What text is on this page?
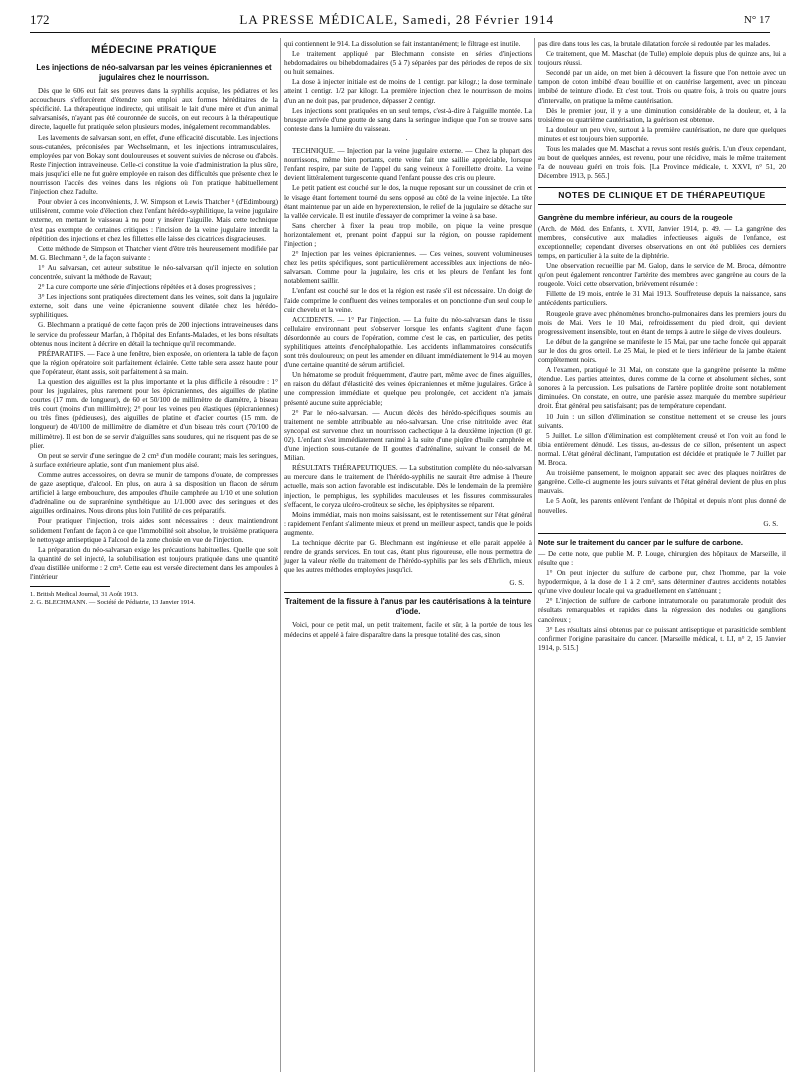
172	LA PRESSE MÉDICALE, Samedi, 28 Février 1914	N° 17
MÉDECINE PRATIQUE
Les injections de néo-salvarsan par les veines épicraniennes et jugulaires chez le nourrisson.

Dès que le 606 eut fait ses preuves dans la syphilis acquise, les pédiatres et les accoucheurs s'efforcèrent d'étendre son emploi aux formes héréditaires de la spécificité. La thérapeutique indirecte, qui utilisait le lait d'une mère et d'un animal salvarsanisés, n'ayant pas été couronnée de succès, on eut recours à la thérapeutique directe, laquelle fut pratiquée selon plusieurs modes, inégalement recommandables.

Les lavements de salvarsan sont, en effet, d'une efficacité discutable. Les injections sous-cutanées, préconisées par Wechselmann, et les injections intramusculaires, employées par von Bokay sont douloureuses et souvent suivies de nécrose ou d'abcès. Reste l'injection intraveineuse. Celle-ci constitue la voie d'administration la plus sûre, mais jusqu'ici elle ne fut guère employée en raison des difficultés que présente chez le nourrisson l'accès des veines dans les régions où l'on pratique habituellement l'injection chez l'adulte.

Pour obvier à ces inconvénients, J. W. Simpson et Lewis Thatcher ¹ (d'Edimbourg) utilisèrent, comme voie d'élection chez l'enfant hérédo-syphilitique, la veine jugulaire externe, en mettant le vaisseau à nu pour y insérer l'aiguille. Mais cette technique n'est pas exempte de certaines critiques : l'incision de la veine jugulaire interdit la répétition des injections et chez les fillettes elle laisse des cicatrices disgracieuses.

Cette méthode de Simpson et Thatcher vient d'être très heureusement modifiée par M. G. Blechmann ², de la façon suivante :

1° Au salvarsan, cet auteur substitue le néo-salvarsan qu'il injecte en solution concentrée, suivant la méthode de Ravaut;

2° La cure comporte une série d'injections répétées et à doses progressives ;

3° Les injections sont pratiquées directement dans les veines, soit dans la jugulaire externe, soit dans une veine épicranienne souvent dilatée chez les hérédo-syphilitiques.

G. Blechmann a pratiqué de cette façon près de 200 injections intraveineuses dans le service du professeur Marfan, à l'hôpital des Enfants-Malades, et les bons résultats obtenus nous incitent à décrire en détail la technique qu'il recommande.

PRÉPARATIFS. — Face à une fenêtre, bien exposée, on orientera la table de façon que la région opératoire soit parfaitement éclairée. Cette table sera assez haute pour que l'opérateur, étant assis, soit parfaitement à sa main.

La question des aiguilles est la plus importante et la plus difficile à résoudre : 1° pour les jugulaires, plus rarement pour les épicraniennes, des aiguilles de platine courtes (17 mm. de longueur), de 60 et 50/100 de millimètre de diamètre, à biseau très court (moins d'un millimètre); 2° pour les veines peu élastiques (épicraniennes) ou très fines (pédieuses), des aiguilles de platine et d'acier courtes (15 mm. de longueur) de 40/100 de millimètre de diamètre et d'un biseau très court (70/100 de millimètre). Il est bon de se servir d'aiguilles sans soudures, qui ne risquent pas de se plier.

On peut se servir d'une seringue de 2 cm³ d'un modèle courant; mais les seringues, à surface extérieure aplatie, sont d'un maniement plus aisé.

Comme autres accessoires, on devra se munir de tampons d'ouate, de compresses de gaze aseptique, d'alcool. En plus, on aura à sa disposition un flacon de sérum artificiel à large embouchure, des ampoules d'huile camphrée au 1/10 et une solution d'adrénaline ou de suprarénine synthétique au 1/1.000 avec des seringues et des aiguilles ordinaires. Nous dirons plus loin l'utilité de ces préparatifs.

Pour pratiquer l'injection, trois aides sont nécessaires : deux maintiendront solidement l'enfant de façon à ce que l'immobilité soit absolue, le troisième pratiquera le nettoyage antiseptique à l'alcool de la zone choisie en vue de l'injection.

La préparation du néo-salvarsan exige les précautions habituelles. Quelle que soit la quantité de sel injecté, la solubilisation est toujours pratiquée dans une quantité d'eau distillée uniforme : 2 cm³. Cette eau est versée directement dans les ampoules à l'intérieur

1. British Medical Journal, 31 Août 1913.
2. G. BLECHMANN. — Société de Pédiatrie, 13 Janvier 1914.

qui contiennent le 914. La dissolution se fait instantanément; le filtrage est inutile.

Le traitement appliqué par Blechmann consiste en séries d'injections hebdomadaires ou bihebdomadaires (5 à 7) séparées par des périodes de repos de six ou huit semaines.

La dose à injecter initiale est de moins de 1 centigr. par kilogr.; la dose terminale atteint 1 centigr. 1/2 par kilogr. La première injection chez le nourrisson de moins d'un an ne doit pas, par prudence, dépasser 2 centigr.

Les injections sont pratiquées en un seul temps, c'est-à-dire à l'aiguille montée. La brusque arrivée d'une goutte de sang dans la seringue indique que l'on se trouve sans conteste dans la lumière du vaisseau.

·

TECHNIQUE. — Injection par la veine jugulaire externe. — Chez la plupart des nourrissons, même bien portants, cette veine fait une saillie appréciable, lorsque l'enfant respire, par suite de l'appel du sang veineux à l'oreillette droite. La veine devient littéralement turgescente quand l'enfant pousse des cris ou pleure.

Le petit patient est couché sur le dos, la nuque reposant sur un coussinet de crin et le visage étant fortement tourné du sens opposé au côté de la veine injectée. La tête étant maintenue par un aide en hyperextension, le relief de la jugulaire se détache sur la vallée cervicale. Il est inutile d'essayer de comprimer la veine à sa base.

Sans chercher à fixer la peau trop mobile, on pique la veine presque horizontalement et, prenant point d'appui sur la région, on pousse rapidement l'injection ;

2° Injection par les veines épicraniennes. — Ces veines, souvent volumineuses chez les petits spécifiques, sont particulièrement accessibles aux injections de néo-salvarsan. Comme pour la jugulaire, les cris et les pleurs de l'enfant les font notablement saillir.

L'enfant est couché sur le dos et la région est rasée s'il est nécessaire. Un doigt de l'aide comprime le confluent des veines temporales et on ponctionne d'un seul coup le cuir chevelu et la veine.

ACCIDENTS. — 1° Par l'injection. — La fuite du néo-salvarsan dans le tissu cellulaire environnant peut s'observer lorsque les enfants s'agitent d'une façon désordonnée au cours de l'opération, comme c'est le cas, en particulier, des petits syphilitiques atteints d'encéphalopathie. Les accidents inflammatoires consécutifs sont très douloureux; on peut les amender en diluant immédiatement le 914 au moyen d'une certaine quantité de sérum artificiel.

Un hématome se produit fréquemment, d'autre part, même avec de fines aiguilles, en raison du défaut d'élasticité des veines épicraniennes et même jugulaires. Grâce à une compression immédiate et quelque peu prolongée, cet accident n'a jamais présenté aucune suite appréciable;

2° Par le néo-salvarsan. — Aucun décès des hérédo-spécifiques soumis au traitement ne semble attribuable au néo-salvarsan. Une crise nitritoïde avec état syncopal est survenue chez un nourrisson cachectique à la deuxième injection (0 gr. 02). L'enfant s'est immédiatement ranimé à la suite d'une piqûre d'huile camphrée et d'une injection sous-cutanée de II gouttes d'adrénaline, suivant le conseil de M. Milian.

RÉSULTATS THÉRAPEUTIQUES. — La substitution complète du néo-salvarsan au mercure dans le traitement de l'hérédo-syphilis ne saurait être admise à l'heure actuelle, mais son action favorable est indiscutable. Dès le lendemain de la première injection, le pemphigus, les syphilides maculeuses et les fissures commissurales s'effacent, le coryza ulcéro-croûteux se sèche, les épiphysites se réparent.

Moins immédiat, mais non moins saisissant, est le retentissement sur l'état général : rapidement l'enfant s'alimente mieux et prend un meilleur aspect, tandis que le poids augmente.

La technique décrite par G. Blechmann est ingénieuse et elle parait appelée à rendre de grands services. En tout cas, étant plus rigoureuse, elle nous permettra de juger la valeur réelle du traitement de l'hérédo-syphilis par les sels d'Ehrlich, mieux que les autres méthodes employées jusqu'ici.

G. S.
Traitement de la fissure à l'anus par les cautérisations à la teinture d'iode.

Voici, pour ce petit mal, un petit traitement, facile et sûr, à la portée de tous les médecins et appelé à faire disparaître dans la presque totalité des cas, sinon

pas dire dans tous les cas, la brutale dilatation forcée si redoutée par les malades.

Ce traitement, que M. Maschat (de Tulle) emploie depuis plus de quinze ans, lui a toujours réussi.

Secondé par un aide, on met bien à découvert la fissure que l'on nettoie avec un tampon de coton imbibé d'eau bouillie et on cautérise largement, avec un pinceau imbibé de teinture d'iode. Et c'est tout. Trois ou quatre fois, à trois ou quatre jours d'intervalle, on pratique la même cautérisation.

Dès le premier jour, il y a une diminution considérable de la douleur, et, à la troisième ou quatrième cautérisation, la guérison est obtenue.

La douleur un peu vive, surtout à la première cautérisation, ne dure que quelques minutes et est toujours bien supportée.

Tous les malades que M. Maschat a revus sont restés guéris. L'un d'eux cependant, au bout de quelques années, est revenu, pour une récidive, mais le même traitement l'a de nouveau guéri en trois fois. [La Province médicale, t. XXVI, n° 51, 20 Décembre 1913, p. 565.]

NOTES DE CLINIQUE ET DE THÉRAPEUTIQUE
Gangrène du membre inférieur, au cours de la rougeole

(Arch. de Méd. des Enfants, t. XVII, Janvier 1914, p. 49. — La gangrène des membres, consécutive aux maladies infectieuses aiguës de l'enfance, est exceptionnelle; cependant diverses observations en ont été publiées ces derniers temps, en particulier à la suite de la diphtérie.

Une observation recueillie par M. Galop, dans le service de M. Broca, démontre qu'on peut également rencontrer l'artérite des membres avec gangrène au cours de la rougeole. Voici cette observation, brièvement résumée :

Fillette de 19 mois, entrée le 31 Mai 1913. Souffreteuse depuis la naissance, sans antécédents particuliers.

Rougeole grave avec phénomènes broncho-pulmonaires dans les premiers jours du mois de Mai. Vers le 10 Mai, refroidissement du pied droit, qui devient progressivement insensible, tout en étant de temps à autre le siège de vives douleurs.

Le début de la gangrène se manifeste le 15 Mai, par une tache foncée qui apparait sur le dos du gros orteil. Le 25 Mai, le pied et le tiers inférieur de la jambe étaient complètement noirs.

A l'examen, pratiqué le 31 Mai, on constate que la gangrène présente la même étendue. Les parties atteintes, dures comme de la corne et absolument sèches, sont sonores à la percussion. Les pulsations de l'artère poplitée droite sont notablement diminuées. On constate, en outre, une parésie assez marquée du membre supérieur droit. État général peu satisfaisant; pas de température cependant.

10 Juin : un sillon d'élimination se constitue nettement et se creuse les jours suivants.

5 Juillet. Le sillon d'élimination est complètement creusé et l'on voit au fond le tibia entièrement dénudé. Les tissus, au-dessus de ce sillon, présentent un aspect normal. L'état général déclinant, l'amputation est décidée et pratiquée le 7 Juillet par M. Broca.

Au troisième pansement, le moignon apparait sec avec des plaques noirâtres de gangrène. Celle-ci augmente les jours suivants et l'état général devient de plus en plus mauvais.

Le 5 Août, les parents enlèvent l'enfant de l'hôpital et depuis n'ont plus donné de nouvelles.

G. S.
Note sur le traitement du cancer par le sulfure de carbone.

— De cette note, que publie M. P. Louge, chirurgien des hôpitaux de Marseille, il résulte que :

1° On peut injecter du sulfure de carbone pur, chez l'homme, par la voie hypodermique, à la dose de 1 à 2 cm³, sans déterminer d'autres accidents notables qu'une vive douleur locale qui va graduellement en s'atténuant ;

2° L'injection de sulfure de carbone intratumorale ou paratumorale produit des résultats remarquables et rapides dans la régression des nodules ou ganglions cancéreux ;

3° Les résultats ainsi obtenus par ce puissant antiseptique et parasiticide semblent confirmer l'origine parasitaire du cancer. [Marseille médical, t. LI, n° 2, 15 Janvier 1914, p. 515.]
